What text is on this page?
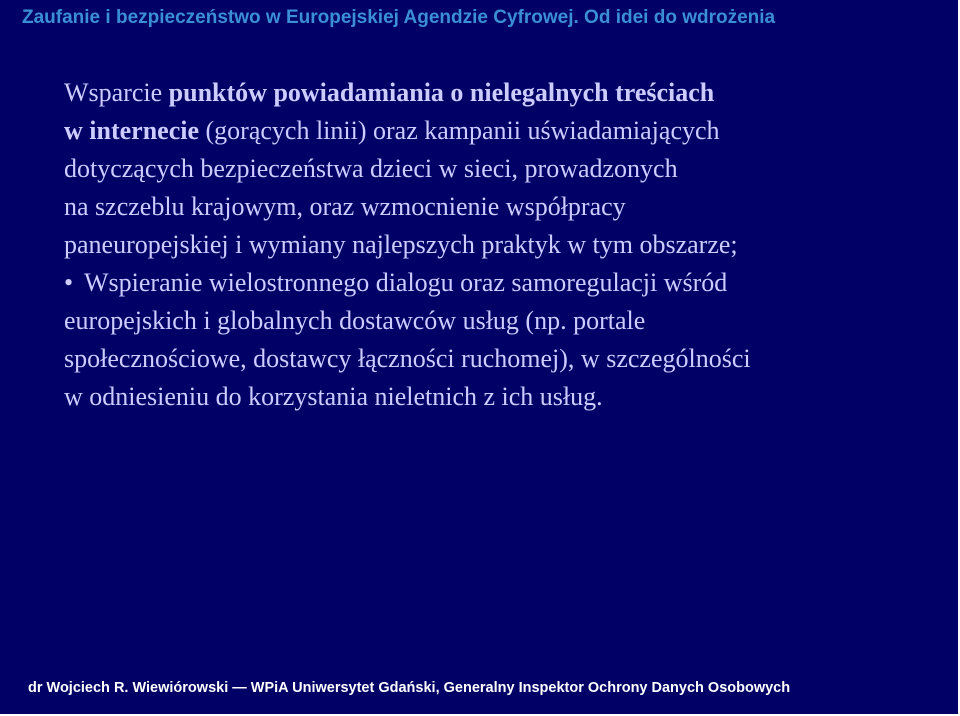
Zaufanie i bezpieczeństwo w Europejskiej Agendzie Cyfrowej. Od idei do wdrożenia
Wsparcie punktów powiadamiania o nielegalnych treściach
w internecie (gorących linii) oraz kampanii uświadamiających
dotyczących bezpieczeństwa dzieci w sieci, prowadzonych
na szczeblu krajowym, oraz wzmocnienie współpracy
paneuropejskiej i wymiany najlepszych praktyk w tym obszarze;
• Wspieranie wielostronnego dialogu oraz samoregulacji wśród
europejskich i globalnych dostawców usług (np. portale
społecznościowe, dostawcy łączności ruchomej), w szczególności
w odniesieniu do korzystania nieletnich z ich usług.
dr Wojciech R. Wiewiórowski — WPiA Uniwersytet Gdański, Generalny Inspektor Ochrony Danych Osobowych
